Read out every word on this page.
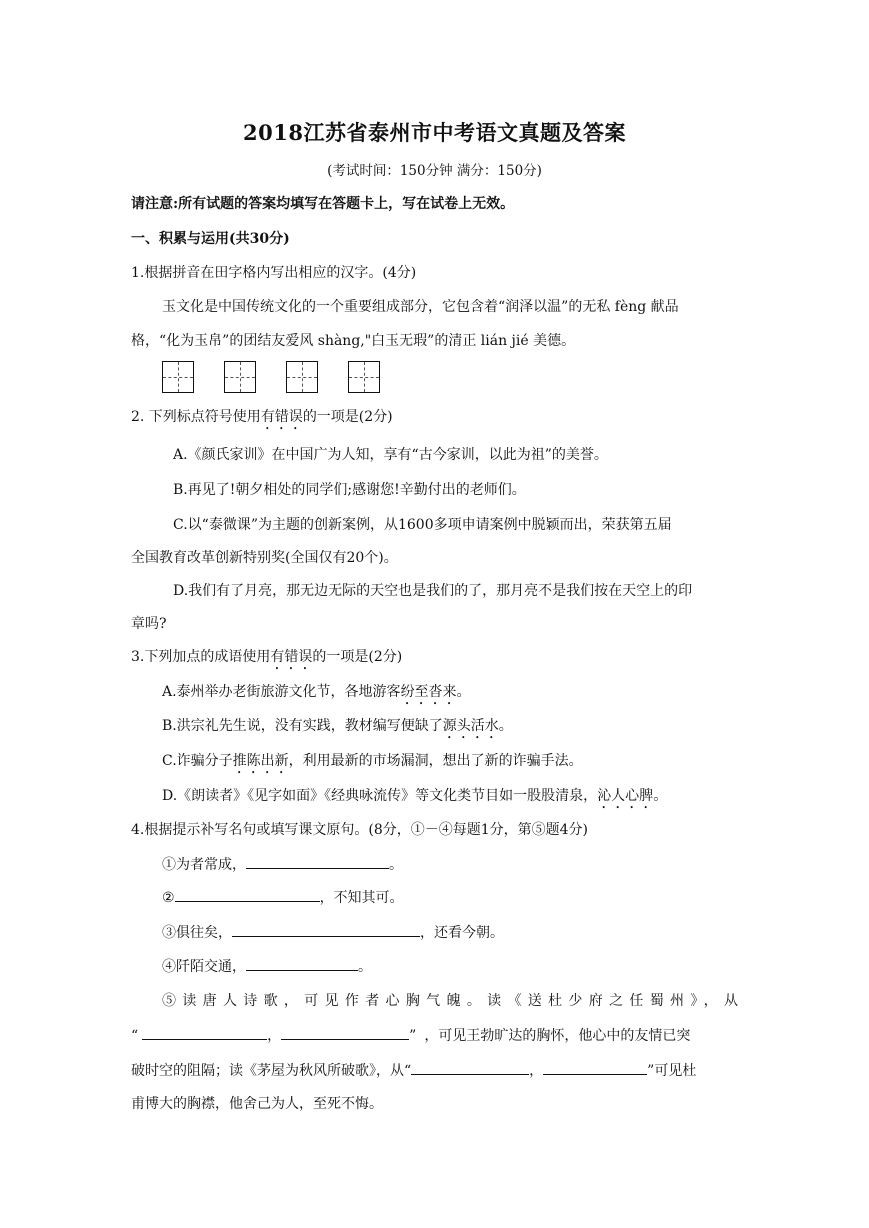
2018江苏省泰州市中考语文真题及答案
(考试时间：150分钟 满分：150分)
请注意:所有试题的答案均填写在答题卡上，写在试卷上无效。
一、积累与运用(共30分)
1.根据拼音在田字格内写出相应的汉字。(4分)
玉文化是中国传统文化的一个重要组成部分，它包含着“润泽以温”的无私 fèng 献品
格，“化为玉帛”的团结友爱风 shàng,"白玉无瑕”的清正 lián jié 美德。
2. 下列标点符号使用有错误的一项是(2分)
A.《颜氏家训》在中国广为人知，享有“古今家训，以此为祖”的美誉。
B.再见了!朝夕相处的同学们;感谢您!辛勤付出的老师们。
C.以“泰微课”为主题的创新案例，从1600多项申请案例中脱颖而出，荣获第五届
全国教育改革创新特别奖(全国仅有20个)。
D.我们有了月亮，那无边无际的天空也是我们的了，那月亮不是我们按在天空上的印
章吗?
3.下列加点的成语使用有错误的一项是(2分)
A.泰州举办老街旅游文化节，各地游客纷至沓来。
B.洪宗礼先生说，没有实践，教材编写便缺了源头活水。
C.诈骗分子推陈出新，利用最新的市场漏洞，想出了新的诈骗手法。
D.《朗读者》《见字如面》《经典咏流传》等文化类节目如一股股清泉，沁人心脾。
4.根据提示补写名句或填写课文原句。(8分，①－④每题1分，第⑤题4分)
①为者常成，	。
②	，不知其可。
③俱往矣，	，还看今朝。
④阡陌交通，	。
⑤读唐人诗歌，可见作者心胸气魄。读《送杜少府之任蜀州》，从
“	，	” ，可见王勃旷达的胸怀，他心中的友情已突
破时空的阻隔；读《茅屋为秋风所破歌》，从“	，	”可见杜
甫博大的胸襟，他舍己为人，至死不悔。
